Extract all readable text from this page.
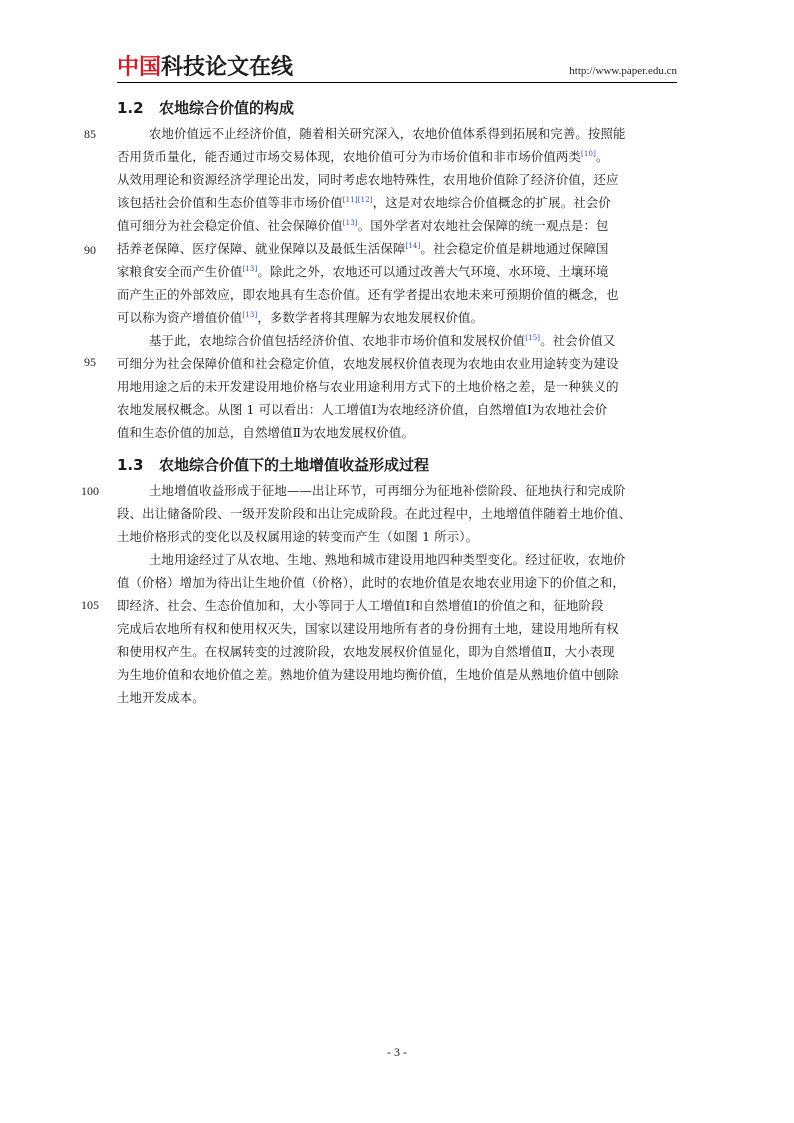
中国科技论文在线	http://www.paper.edu.cn
1.2 农地综合价值的构成
85
90
95
100
105
农地价值远不止经济价值，随着相关研究深入，农地价值体系得到拓展和完善。按照能
否用货币量化，能否通过市场交易体现，农地价值可分为市场价值和非市场价值两类[10]。
从效用理论和资源经济学理论出发，同时考虑农地特殊性，农用地价值除了经济价值，还应
该包括社会价值和生态价值等非市场价值[11][12]，这是对农地综合价值概念的扩展。社会价
值可细分为社会稳定价值、社会保障价值[13]。国外学者对农地社会保障的统一观点是：包
括养老保障、医疗保障、就业保障以及最低生活保障[14]。社会稳定价值是耕地通过保障国
家粮食安全而产生价值[13]。除此之外，农地还可以通过改善大气环境、水环境、土壤环境
而产生正的外部效应，即农地具有生态价值。还有学者提出农地未来可预期价值的概念，也
可以称为资产增值价值[13]，多数学者将其理解为农地发展权价值。
基于此，农地综合价值包括经济价值、农地非市场价值和发展权价值[15]。社会价值又
可细分为社会保障价值和社会稳定价值，农地发展权价值表现为农地由农业用途转变为建设
用地用途之后的未开发建设用地价格与农业用途利用方式下的土地价格之差，是一种狭义的
农地发展权概念。从图 1 可以看出：人工增值Ⅰ为农地经济价值，自然增值Ⅰ为农地社会价
值和生态价值的加总，自然增值Ⅱ为农地发展权价值。
1.3 农地综合价值下的土地增值收益形成过程
土地增值收益形成于征地——出让环节，可再细分为征地补偿阶段、征地执行和完成阶
段、出让储备阶段、一级开发阶段和出让完成阶段。在此过程中，土地增值伴随着土地价值、
土地价格形式的变化以及权属用途的转变而产生（如图 1 所示）。
土地用途经过了从农地、生地、熟地和城市建设用地四种类型变化。经过征收，农地价
值（价格）增加为待出让生地价值（价格），此时的农地价值是农地农业用途下的价值之和，
即经济、社会、生态价值加和，大小等同于人工增值Ⅰ和自然增值Ⅰ的价值之和，征地阶段
完成后农地所有权和使用权灭失，国家以建设用地所有者的身份拥有土地，建设用地所有权
和使用权产生。在权属转变的过渡阶段，农地发展权价值显化，即为自然增值Ⅱ，大小表现
为生地价值和农地价值之差。熟地价值为建设用地均衡价值，生地价值是从熟地价值中刨除
土地开发成本。
- 3 -
